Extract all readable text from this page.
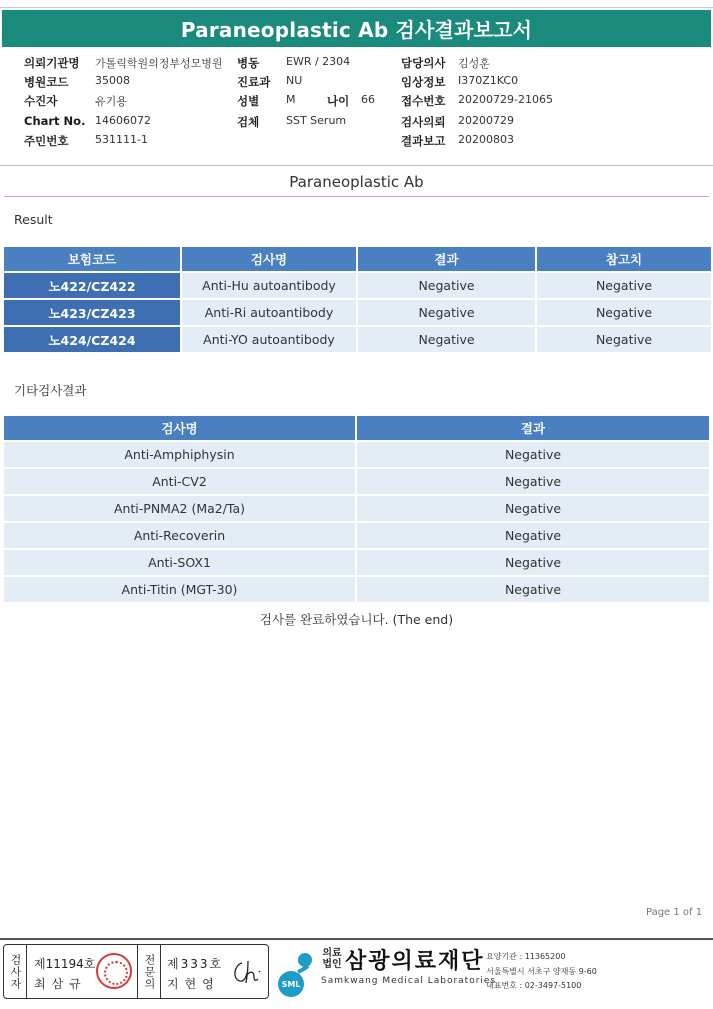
Paraneoplastic Ab 검사결과보고서
의뢰기관명 가톨릭학원의정부성모병원 병동 EWR / 2304	담당의사 김성훈
병원코드 35008	진료과 NU	임상정보 I370Z1KC0
수진자	유기용	성별 M	나이 66 접수번호 20200729-21065
Chart No. 14606072	검체 SST Serum	검사의뢰 20200729
주민번호 531111-1	결과보고 20200803
Paraneoplastic Ab
Result
보험코드	검사명	결과	참고치
노422/CZ422	Anti-Hu autoantibody	Negative	Negative
노423/CZ423	Anti-Ri autoantibody	Negative	Negative
노424/CZ424	Anti-YO autoantibody	Negative	Negative
기타검사결과
검사명	결과
Anti-Amphiphysin	Negative
Anti-CV2	Negative
Anti-PNMA2 (Ma2/Ta)	Negative
Anti-Recoverin	Negative
Anti-SOX1	Negative
Anti-Titin (MGT-30)	Negative
검사를 완료하였습니다. (The end)
Page 1 of 1
검사자	제11194호
최삼규	전문의 제333호
지현영	SML
의료 법인 삼광의료재단
Samkwang Medical Laboratories
요양기관 : 11365200
서울특별시 서초구 양재동 9-60
대표번호 : 02-3497-5100
